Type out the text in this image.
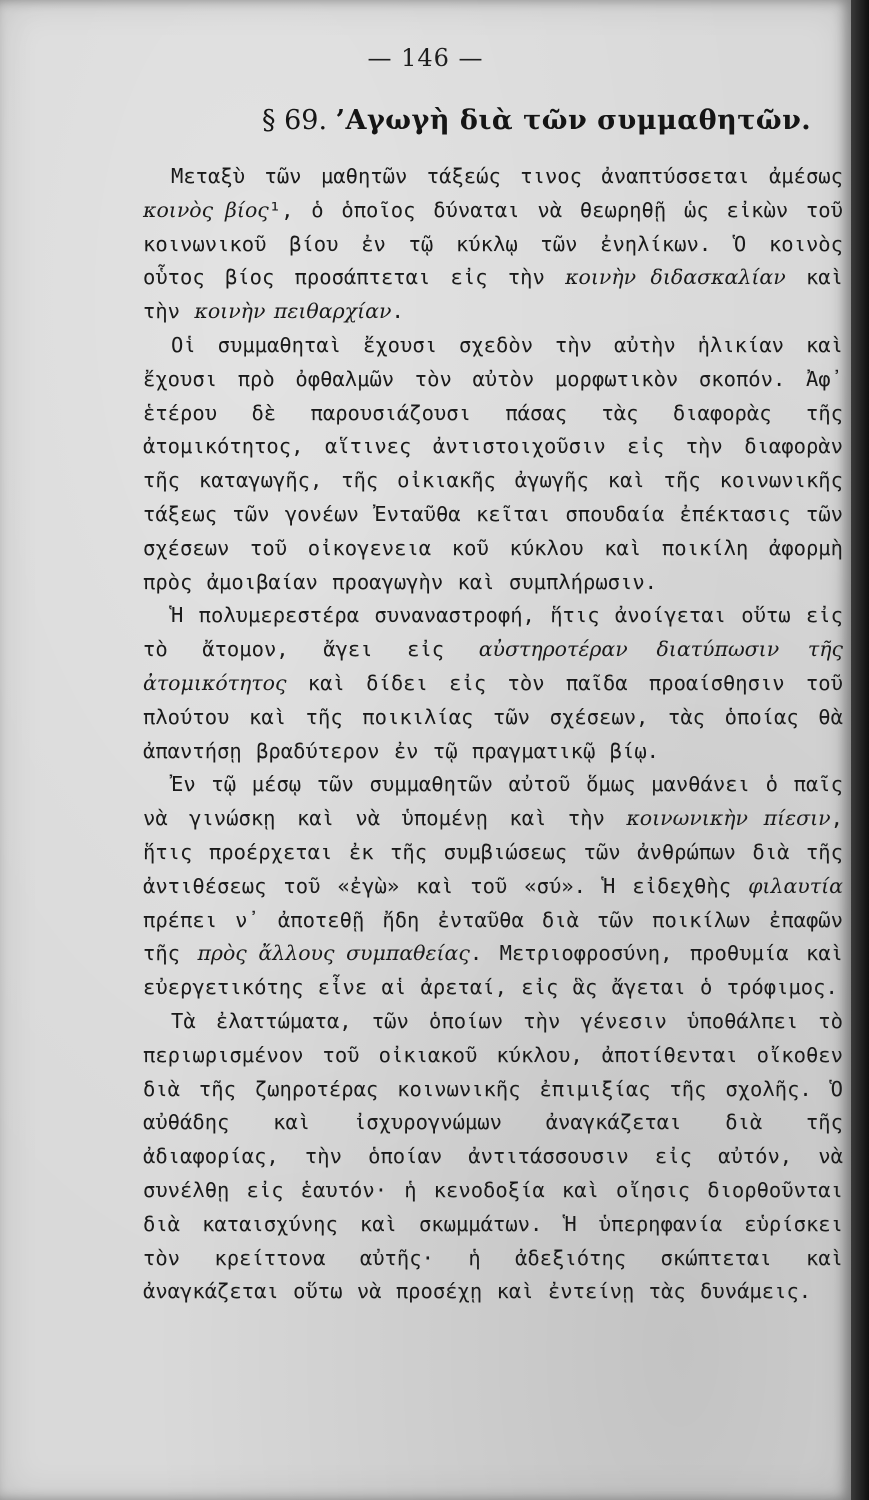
— 146 —
§ 69. ’Αγωγὴ διὰ τῶν συμμαθητῶν.

Μεταξὺ τῶν μαθητῶν τάξεώς τινος ἀναπτύσσεται ἀμέσως κοινὸς βίος¹, ὁ ὁποῖος δύναται νὰ θεωρηθῇ ὡς εἰκὼν τοῦ κοινωνικοῦ βίου ἐν τῷ κύκλῳ τῶν ἐνηλίκων. Ὁ κοινὸς οὗτος βίος προσάπτεται εἰς τὴν κοινὴν διδασκαλίαν καὶ τὴν κοινὴν πειθαρχίαν.

Οἱ συμμαθηταὶ ἔχουσι σχεδὸν τὴν αὐτὴν ἡλικίαν καὶ ἔχουσι πρὸ ὀφθαλμῶν τὸν αὐτὸν μορφωτικὸν σκοπόν. Ἀφ᾽ ἑτέρου δὲ παρουσιάζουσι πάσας τὰς διαφορὰς τῆς ἀτομικότητος, αἵτινες ἀντιστοιχοῦσιν εἰς τὴν διαφορὰν τῆς καταγωγῆς, τῆς οἰκιακῆς ἀγωγῆς καὶ τῆς κοινωνικῆς τάξεως τῶν γονέων Ἐνταῦθα κεῖται σπουδαία ἐπέκτασις τῶν σχέσεων τοῦ οἰκογενεια κοῦ κύκλου καὶ ποικίλη ἀφορμὴ πρὸς ἀμοιβαίαν προαγωγὴν καὶ συμπλήρωσιν.

Ἡ πολυμερεστέρα συναναστροφή, ἥτις ἀνοίγεται οὕτω εἰς τὸ ἄτομον, ἄγει εἰς αὐστηροτέραν διατύπωσιν τῆς ἀτομικότητος καὶ δίδει εἰς τὸν παῖδα προαίσθησιν τοῦ πλούτου καὶ τῆς ποικιλίας τῶν σχέσεων, τὰς ὁποίας θὰ ἀπαντήσῃ βραδύτερον ἐν τῷ πραγματικῷ βίῳ.

Ἐν τῷ μέσῳ τῶν συμμαθητῶν αὐτοῦ ὅμως μανθάνει ὁ παῖς νὰ γινώσκῃ καὶ νὰ ὑπομένῃ καὶ τὴν κοινωνικὴν πίεσιν, ἥτις προέρχεται ἐκ τῆς συμβιώσεως τῶν ἀνθρώπων διὰ τῆς ἀντιθέσεως τοῦ «ἐγὼ» καὶ τοῦ «σύ». Ἡ εἰδεχθὴς φιλαυτία πρέπει ν᾽ ἀποτεθῇ ἤδη ἐνταῦθα διὰ τῶν ποικίλων ἐπαφῶν τῆς πρὸς ἄλλους συμπαθείας. Μετριοφροσύνη, προθυμία καὶ εὐεργετικότης εἶνε αἱ ἀρεταί, εἰς ἃς ἄγεται ὁ τρόφιμος.

Τὰ ἐλαττώματα, τῶν ὁποίων τὴν γένεσιν ὑποθάλπει τὸ περιωρισμένον τοῦ οἰκιακοῦ κύκλου, ἀποτίθενται οἴκοθεν διὰ τῆς ζωηροτέρας κοινωνικῆς ἐπιμιξίας τῆς σχολῆς. Ὁ αὐθάδης καὶ ἰσχυρογνώμων ἀναγκάζεται διὰ τῆς ἀδιαφορίας, τὴν ὁποίαν ἀντιτάσσουσιν εἰς αὐτόν, νὰ συνέλθῃ εἰς ἑαυτόν· ἡ κενοδοξία καὶ οἴησις διορθοῦνται διὰ καταισχύνης καὶ σκωμμάτων. Ἡ ὑπερηφανία εὑρίσκει τὸν κρείττονα αὐτῆς· ἡ ἀδεξιότης σκώπτεται καὶ ἀναγκάζεται οὕτω νὰ προσέχῃ καὶ ἐντείνῃ τὰς δυνάμεις.
